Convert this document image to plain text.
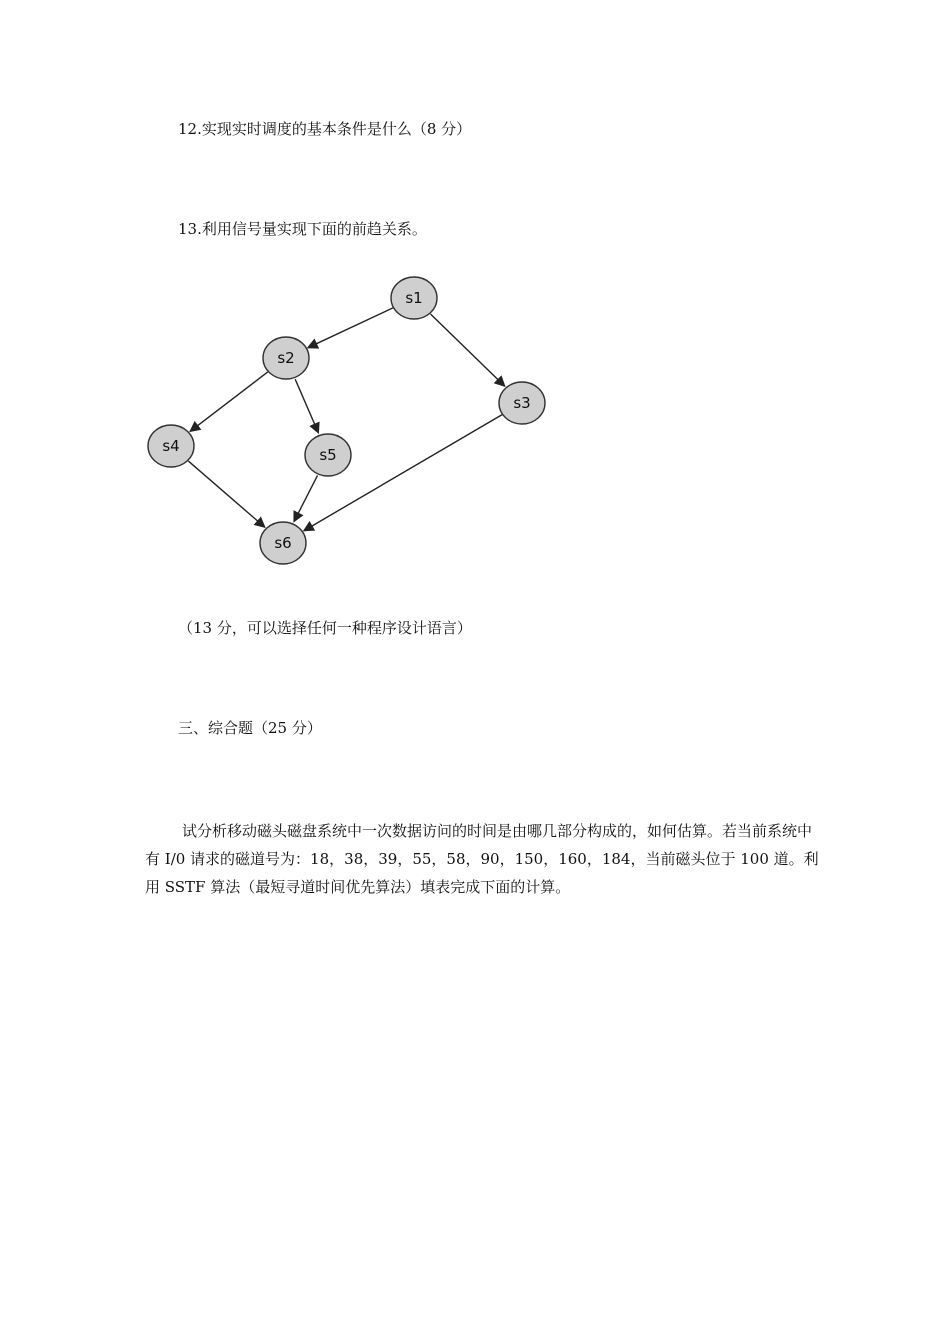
12.实现实时调度的基本条件是什么（8 分）
13.利用信号量实现下面的前趋关系。
s1
s2
s3
s4	s5
s6
（13 分，可以选择任何一种程序设计语言）
三、综合题（25 分）
试分析移动磁头磁盘系统中一次数据访问的时间是由哪几部分构成的，如何估算。若当前系统中有 I/0 请求的磁道号为：18，38，39，55，58，90，150，160，184，当前磁头位于 100 道。利用 SSTF 算法（最短寻道时间优先算法）填表完成下面的计算。
